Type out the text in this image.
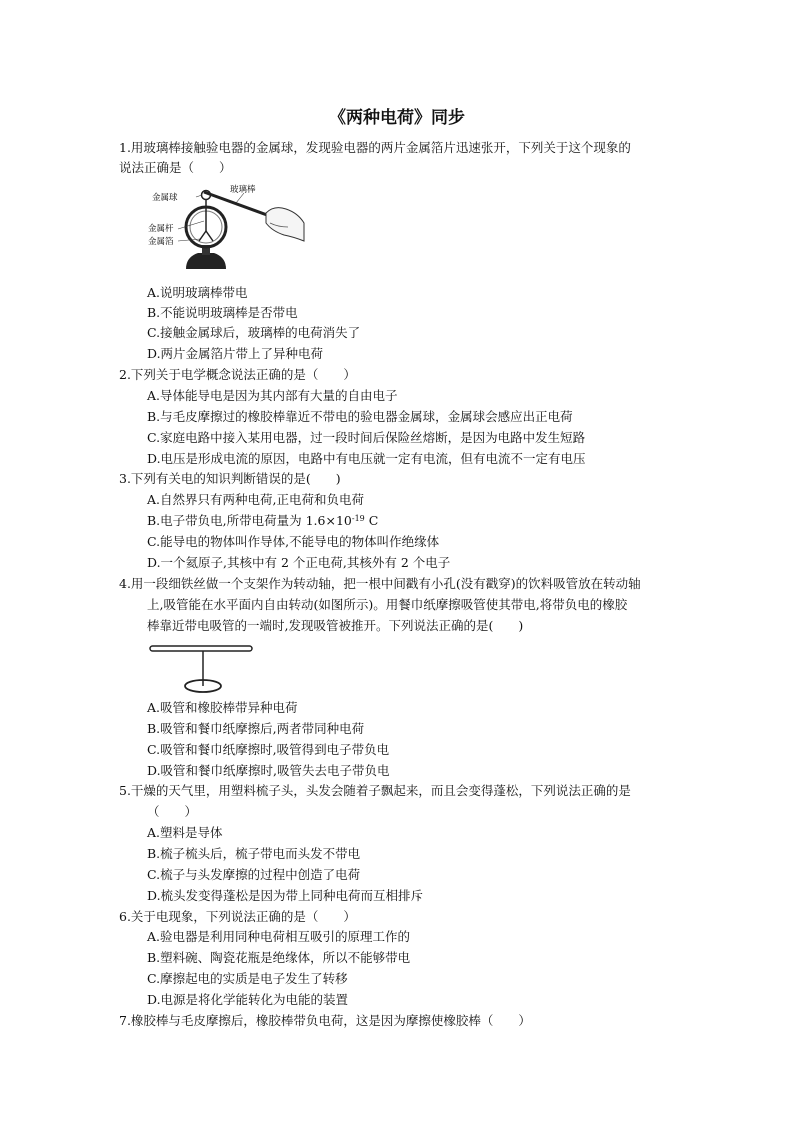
《两种电荷》同步
1.用玻璃棒接触验电器的金属球，发现验电器的两片金属箔片迅速张开，下列关于这个现象的
说法正确是（　　）
金属球
金属杆
金属箔
玻璃棒
A.说明玻璃棒带电
B.不能说明玻璃棒是否带电
C.接触金属球后，玻璃棒的电荷消失了
D.两片金属箔片带上了异种电荷
2.下列关于电学概念说法正确的是（　　）
A.导体能导电是因为其内部有大量的自由电子
B.与毛皮摩擦过的橡胶棒靠近不带电的验电器金属球，金属球会感应出正电荷
C.家庭电路中接入某用电器，过一段时间后保险丝熔断，是因为电路中发生短路
D.电压是形成电流的原因，电路中有电压就一定有电流，但有电流不一定有电压
3.下列有关电的知识判断错误的是(　　)
A.自然界只有两种电荷,正电荷和负电荷
B.电子带负电,所带电荷量为 $1.6\times 10^{-19}$ C
C.能导电的物体叫作导体,不能导电的物体叫作绝缘体
D.一个氦原子,其核中有 2 个正电荷,其核外有 2 个电子
4.用一段细铁丝做一个支架作为转动轴，把一根中间戳有小孔(没有戳穿)的饮料吸管放在转动轴
上,吸管能在水平面内自由转动(如图所示)。用餐巾纸摩擦吸管使其带电,将带负电的橡胶
棒靠近带电吸管的一端时,发现吸管被推开。下列说法正确的是(　　)
A.吸管和橡胶棒带异种电荷
B.吸管和餐巾纸摩擦后,两者带同种电荷
C.吸管和餐巾纸摩擦时,吸管得到电子带负电
D.吸管和餐巾纸摩擦时,吸管失去电子带负电
5.干燥的天气里，用塑料梳子头，头发会随着子飘起来，而且会变得蓬松，下列说法正确的是
（　　）
A.塑料是导体
B.梳子梳头后，梳子带电而头发不带电
C.梳子与头发摩擦的过程中创造了电荷
D.梳头发变得蓬松是因为带上同种电荷而互相排斥
6.关于电现象，下列说法正确的是（　　）
A.验电器是利用同种电荷相互吸引的原理工作的
B.塑料碗、陶瓷花瓶是绝缘体，所以不能够带电
C.摩擦起电的实质是电子发生了转移
D.电源是将化学能转化为电能的装置
7.橡胶棒与毛皮摩擦后，橡胶棒带负电荷，这是因为摩擦使橡胶棒（　　）
